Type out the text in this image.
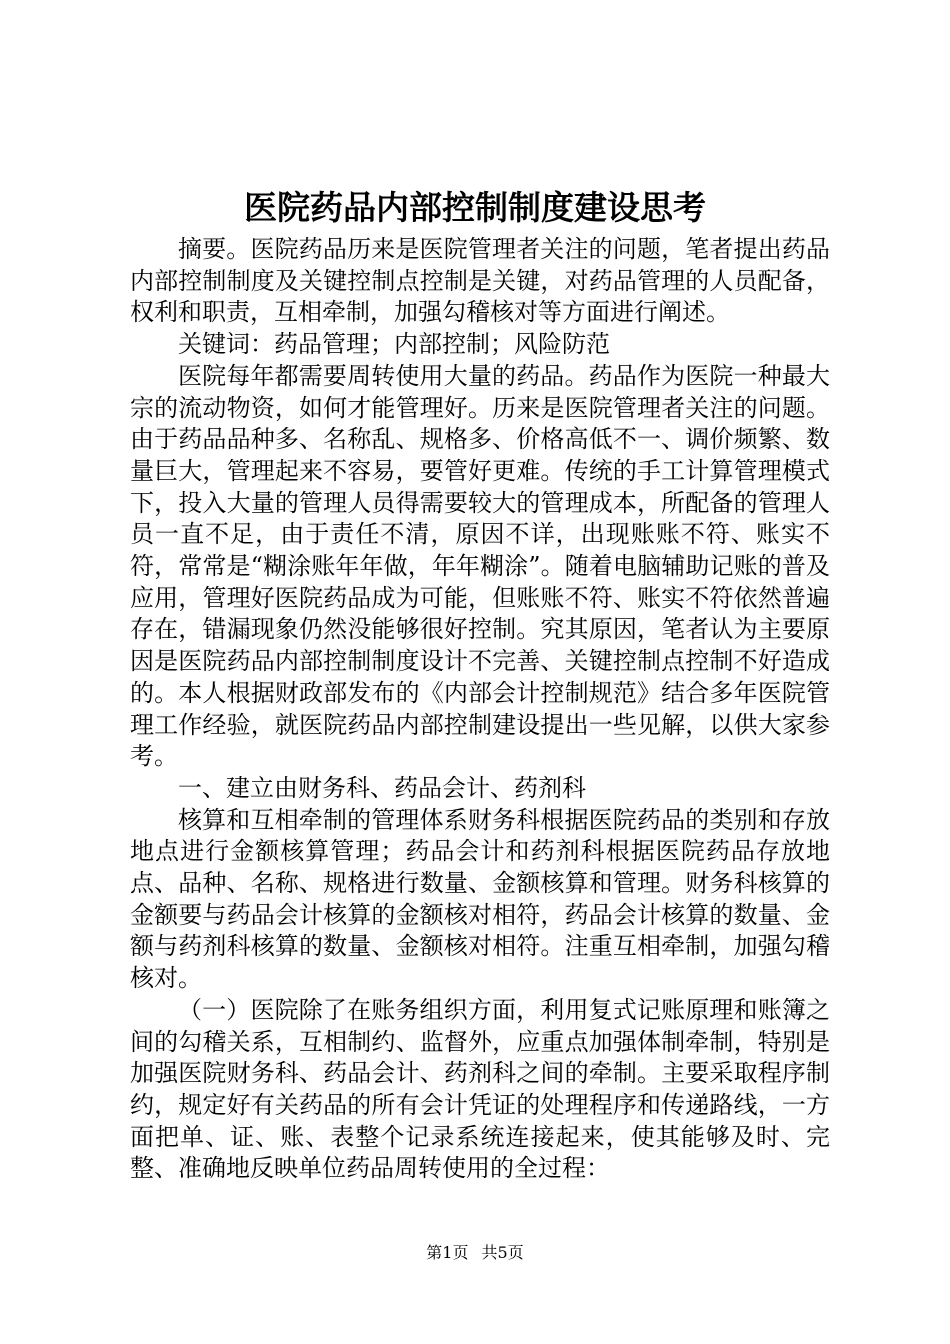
医院药品内部控制制度建设思考

摘要。医院药品历来是医院管理者关注的问题，笔者提出药品内部控制制度及关键控制点控制是关键，对药品管理的人员配备，权利和职责，互相牵制，加强勾稽核对等方面进行阐述。

关键词：药品管理；内部控制；风险防范

医院每年都需要周转使用大量的药品。药品作为医院一种最大宗的流动物资，如何才能管理好。历来是医院管理者关注的问题。由于药品品种多、名称乱、规格多、价格高低不一、调价频繁、数量巨大，管理起来不容易，要管好更难。传统的手工计算管理模式下，投入大量的管理人员得需要较大的管理成本，所配备的管理人员一直不足，由于责任不清，原因不详，出现账账不符、账实不符，常常是“糊涂账年年做，年年糊涂”。随着电脑辅助记账的普及应用，管理好医院药品成为可能，但账账不符、账实不符依然普遍存在，错漏现象仍然没能够很好控制。究其原因，笔者认为主要原因是医院药品内部控制制度设计不完善、关键控制点控制不好造成的。本人根据财政部发布的《内部会计控制规范》结合多年医院管理工作经验，就医院药品内部控制建设提出一些见解，以供大家参考。

一、建立由财务科、药品会计、药剂科

核算和互相牵制的管理体系财务科根据医院药品的类别和存放地点进行金额核算管理；药品会计和药剂科根据医院药品存放地点、品种、名称、规格进行数量、金额核算和管理。财务科核算的金额要与药品会计核算的金额核对相符，药品会计核算的数量、金额与药剂科核算的数量、金额核对相符。注重互相牵制，加强勾稽核对。

（一）医院除了在账务组织方面，利用复式记账原理和账簿之间的勾稽关系，互相制约、监督外，应重点加强体制牵制，特别是加强医院财务科、药品会计、药剂科之间的牵制。主要采取程序制约，规定好有关药品的所有会计凭证的处理程序和传递路线，一方面把单、证、账、表整个记录系统连接起来，使其能够及时、完整、准确地反映单位药品周转使用的全过程：

第1页 共5页
